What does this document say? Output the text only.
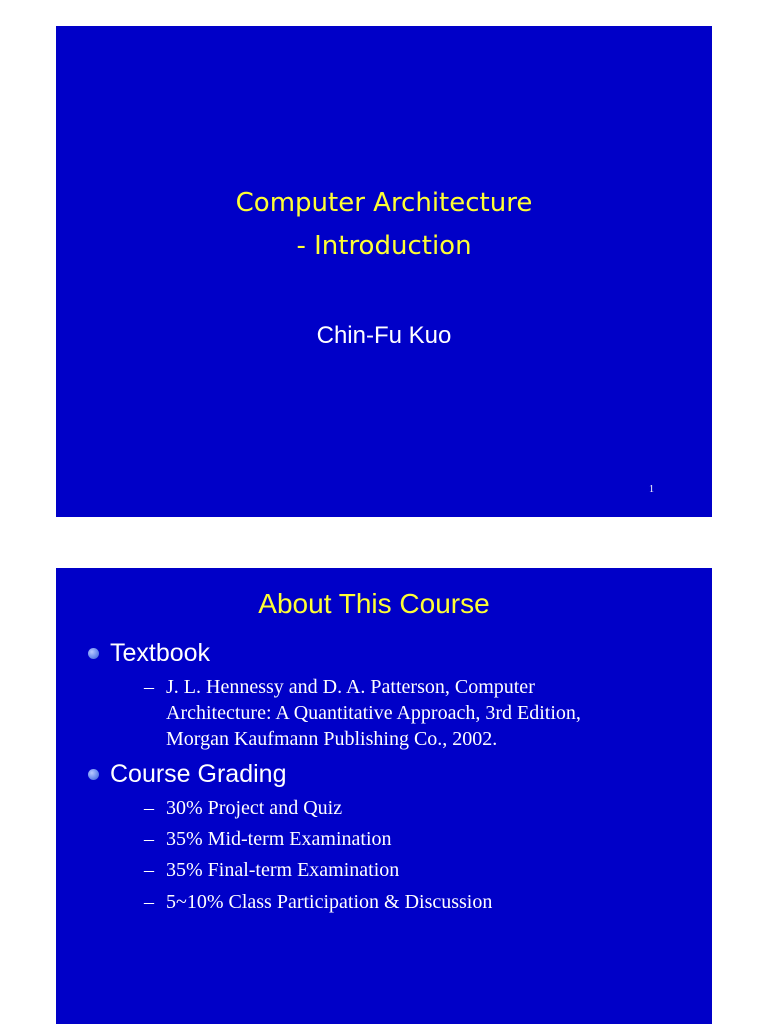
Computer Architecture
- Introduction
Chin-Fu Kuo
1
About This Course
Textbook
– J. L. Hennessy and D. A. Patterson, Computer
Architecture: A Quantitative Approach, 3rd Edition,
Morgan Kaufmann Publishing Co., 2002.
Course Grading
– 30% Project and Quiz
– 35% Mid-term Examination
– 35% Final-term Examination
– 5~10% Class Participation & Discussion
